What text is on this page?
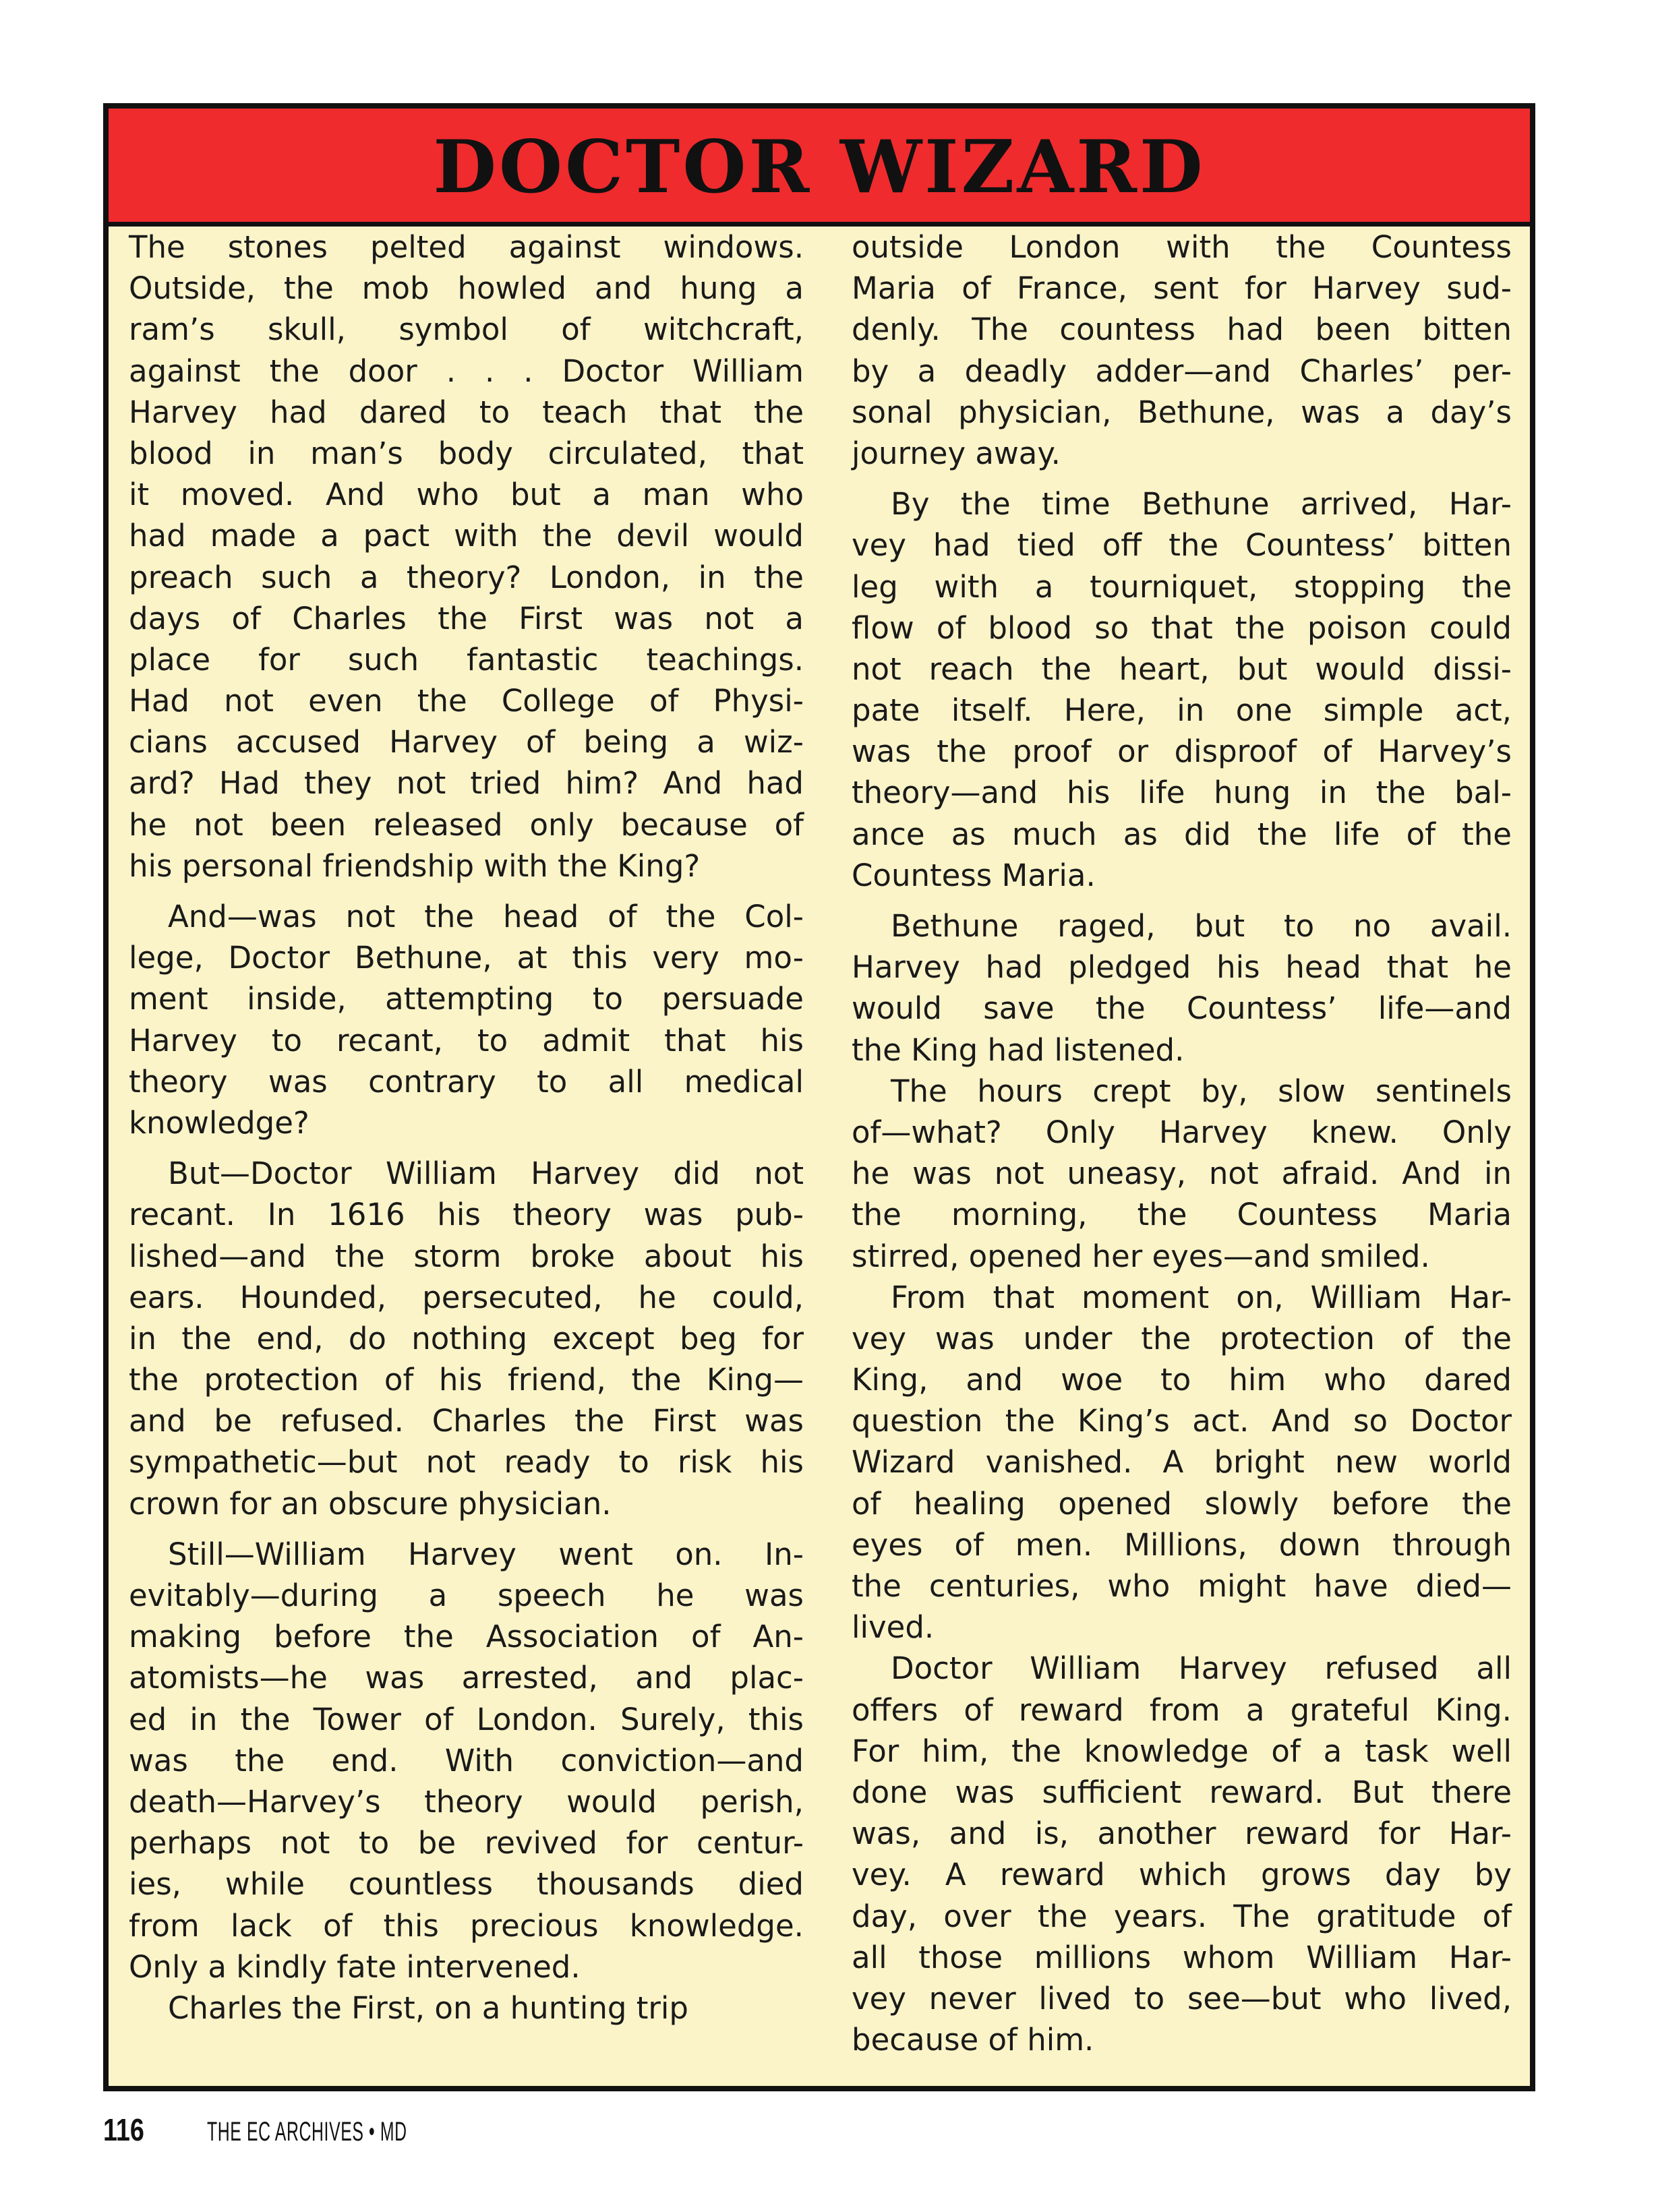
DOCTOR WIZARD
The stones pelted against windows.
Outside, the mob howled and hung a
ram’s skull, symbol of witchcraft,
against the door . . . Doctor William
Harvey had dared to teach that the
blood in man’s body circulated, that
it moved. And who but a man who
had made a pact with the devil would
preach such a theory? London, in the
days of Charles the First was not a
place for such fantastic teachings.
Had not even the College of Physi-
cians accused Harvey of being a wiz-
ard? Had they not tried him? And had
he not been released only because of
his personal friendship with the King?
And—was not the head of the Col-
lege, Doctor Bethune, at this very mo-
ment inside, attempting to persuade
Harvey to recant, to admit that his
theory was contrary to all medical
knowledge?
But—Doctor William Harvey did not
recant. In 1616 his theory was pub-
lished—and the storm broke about his
ears. Hounded, persecuted, he could,
in the end, do nothing except beg for
the protection of his friend, the King—
and be refused. Charles the First was
sympathetic—but not ready to risk his
crown for an obscure physician.
Still—William Harvey went on. In-
evitably—during a speech he was
making before the Association of An-
atomists—he was arrested, and plac-
ed in the Tower of London. Surely, this
was the end. With conviction—and
death—Harvey’s theory would perish,
perhaps not to be revived for centur-
ies, while countless thousands died
from lack of this precious knowledge.
Only a kindly fate intervened.
Charles the First, on a hunting trip
outside London with the Countess
Maria of France, sent for Harvey sud-
denly. The countess had been bitten
by a deadly adder—and Charles’ per-
sonal physician, Bethune, was a day’s
journey away.
By the time Bethune arrived, Har-
vey had tied off the Countess’ bitten
leg with a tourniquet, stopping the
flow of blood so that the poison could
not reach the heart, but would dissi-
pate itself. Here, in one simple act,
was the proof or disproof of Harvey’s
theory—and his life hung in the bal-
ance as much as did the life of the
Countess Maria.
Bethune raged, but to no avail.
Harvey had pledged his head that he
would save the Countess’ life—and
the King had listened.
The hours crept by, slow sentinels
of—what? Only Harvey knew. Only
he was not uneasy, not afraid. And in
the morning, the Countess Maria
stirred, opened her eyes—and smiled.
From that moment on, William Har-
vey was under the protection of the
King, and woe to him who dared
question the King’s act. And so Doctor
Wizard vanished. A bright new world
of healing opened slowly before the
eyes of men. Millions, down through
the centuries, who might have died—
lived.
Doctor William Harvey refused all
offers of reward from a grateful King.
For him, the knowledge of a task well
done was sufficient reward. But there
was, and is, another reward for Har-
vey. A reward which grows day by
day, over the years. The gratitude of
all those millions whom William Har-
vey never lived to see—but who lived,
because of him.
116 THE EC ARCHIVES • MD
